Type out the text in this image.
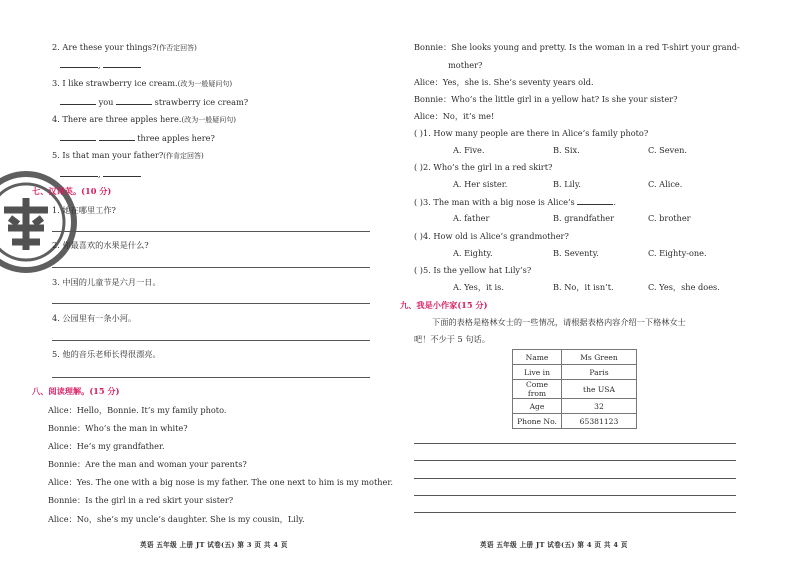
2. Are these your things?(作否定回答)
,
3. I like strawberry ice cream.(改为一般疑问句)
you	strawberry ice cream?
4. There are three apples here.(改为一般疑问句)
three apples here?
5. Is that man your father?(作肯定回答)
,
七、汉译英。(10 分)
1. 她在哪里工作?
2. 你最喜欢的水果是什么?
3. 中国的儿童节是六月一日。
4. 公园里有一条小河。
5. 他的音乐老师长得很漂亮。
八、阅读理解。(15 分)
Alice：Hello，Bonnie. It’s my family photo.
Bonnie：Who’s the man in white?
Alice：He’s my grandfather.
Bonnie：Are the man and woman your parents?
Alice：Yes. The one with a big nose is my father. The one next to him is my mother.
Bonnie：Is the girl in a red skirt your sister?
Alice：No，she’s my uncle’s daughter. She is my cousin，Lily.
英语 五年级 上册 JT 试卷(五) 第 3 页 共 4 页
Bonnie：She looks young and pretty. Is the woman in a red T-shirt your grand-
mother?
Alice：Yes，she is. She’s seventy years old.
Bonnie：Who’s the little girl in a yellow hat? Is she your sister?
Alice：No，it’s me!
( )1. How many people are there in Alice’s family photo?
A. Five.	B. Six.	C. Seven.
( )2. Who’s the girl in a red skirt?
A. Her sister.	B. Lily.	C. Alice.
( )3. The man with a big nose is Alice’s	.
A. father	B. grandfather	C. brother
( )4. How old is Alice’s grandmother?
A. Eighty.	B. Seventy.	C. Eighty-one.
( )5. Is the yellow hat Lily’s?
A. Yes，it is.	B. No，it isn’t.	C. Yes，she does.
九、我是小作家(15 分)
下面的表格是格林女士的一些情况，请根据表格内容介绍一下格林女士
吧！不少于 5 句话。
Name	Ms Green
Live in	Paris
Come from	the USA
Age	32
Phone No.	65381123
英语 五年级 上册 JT 试卷(五) 第 4 页 共 4 页
